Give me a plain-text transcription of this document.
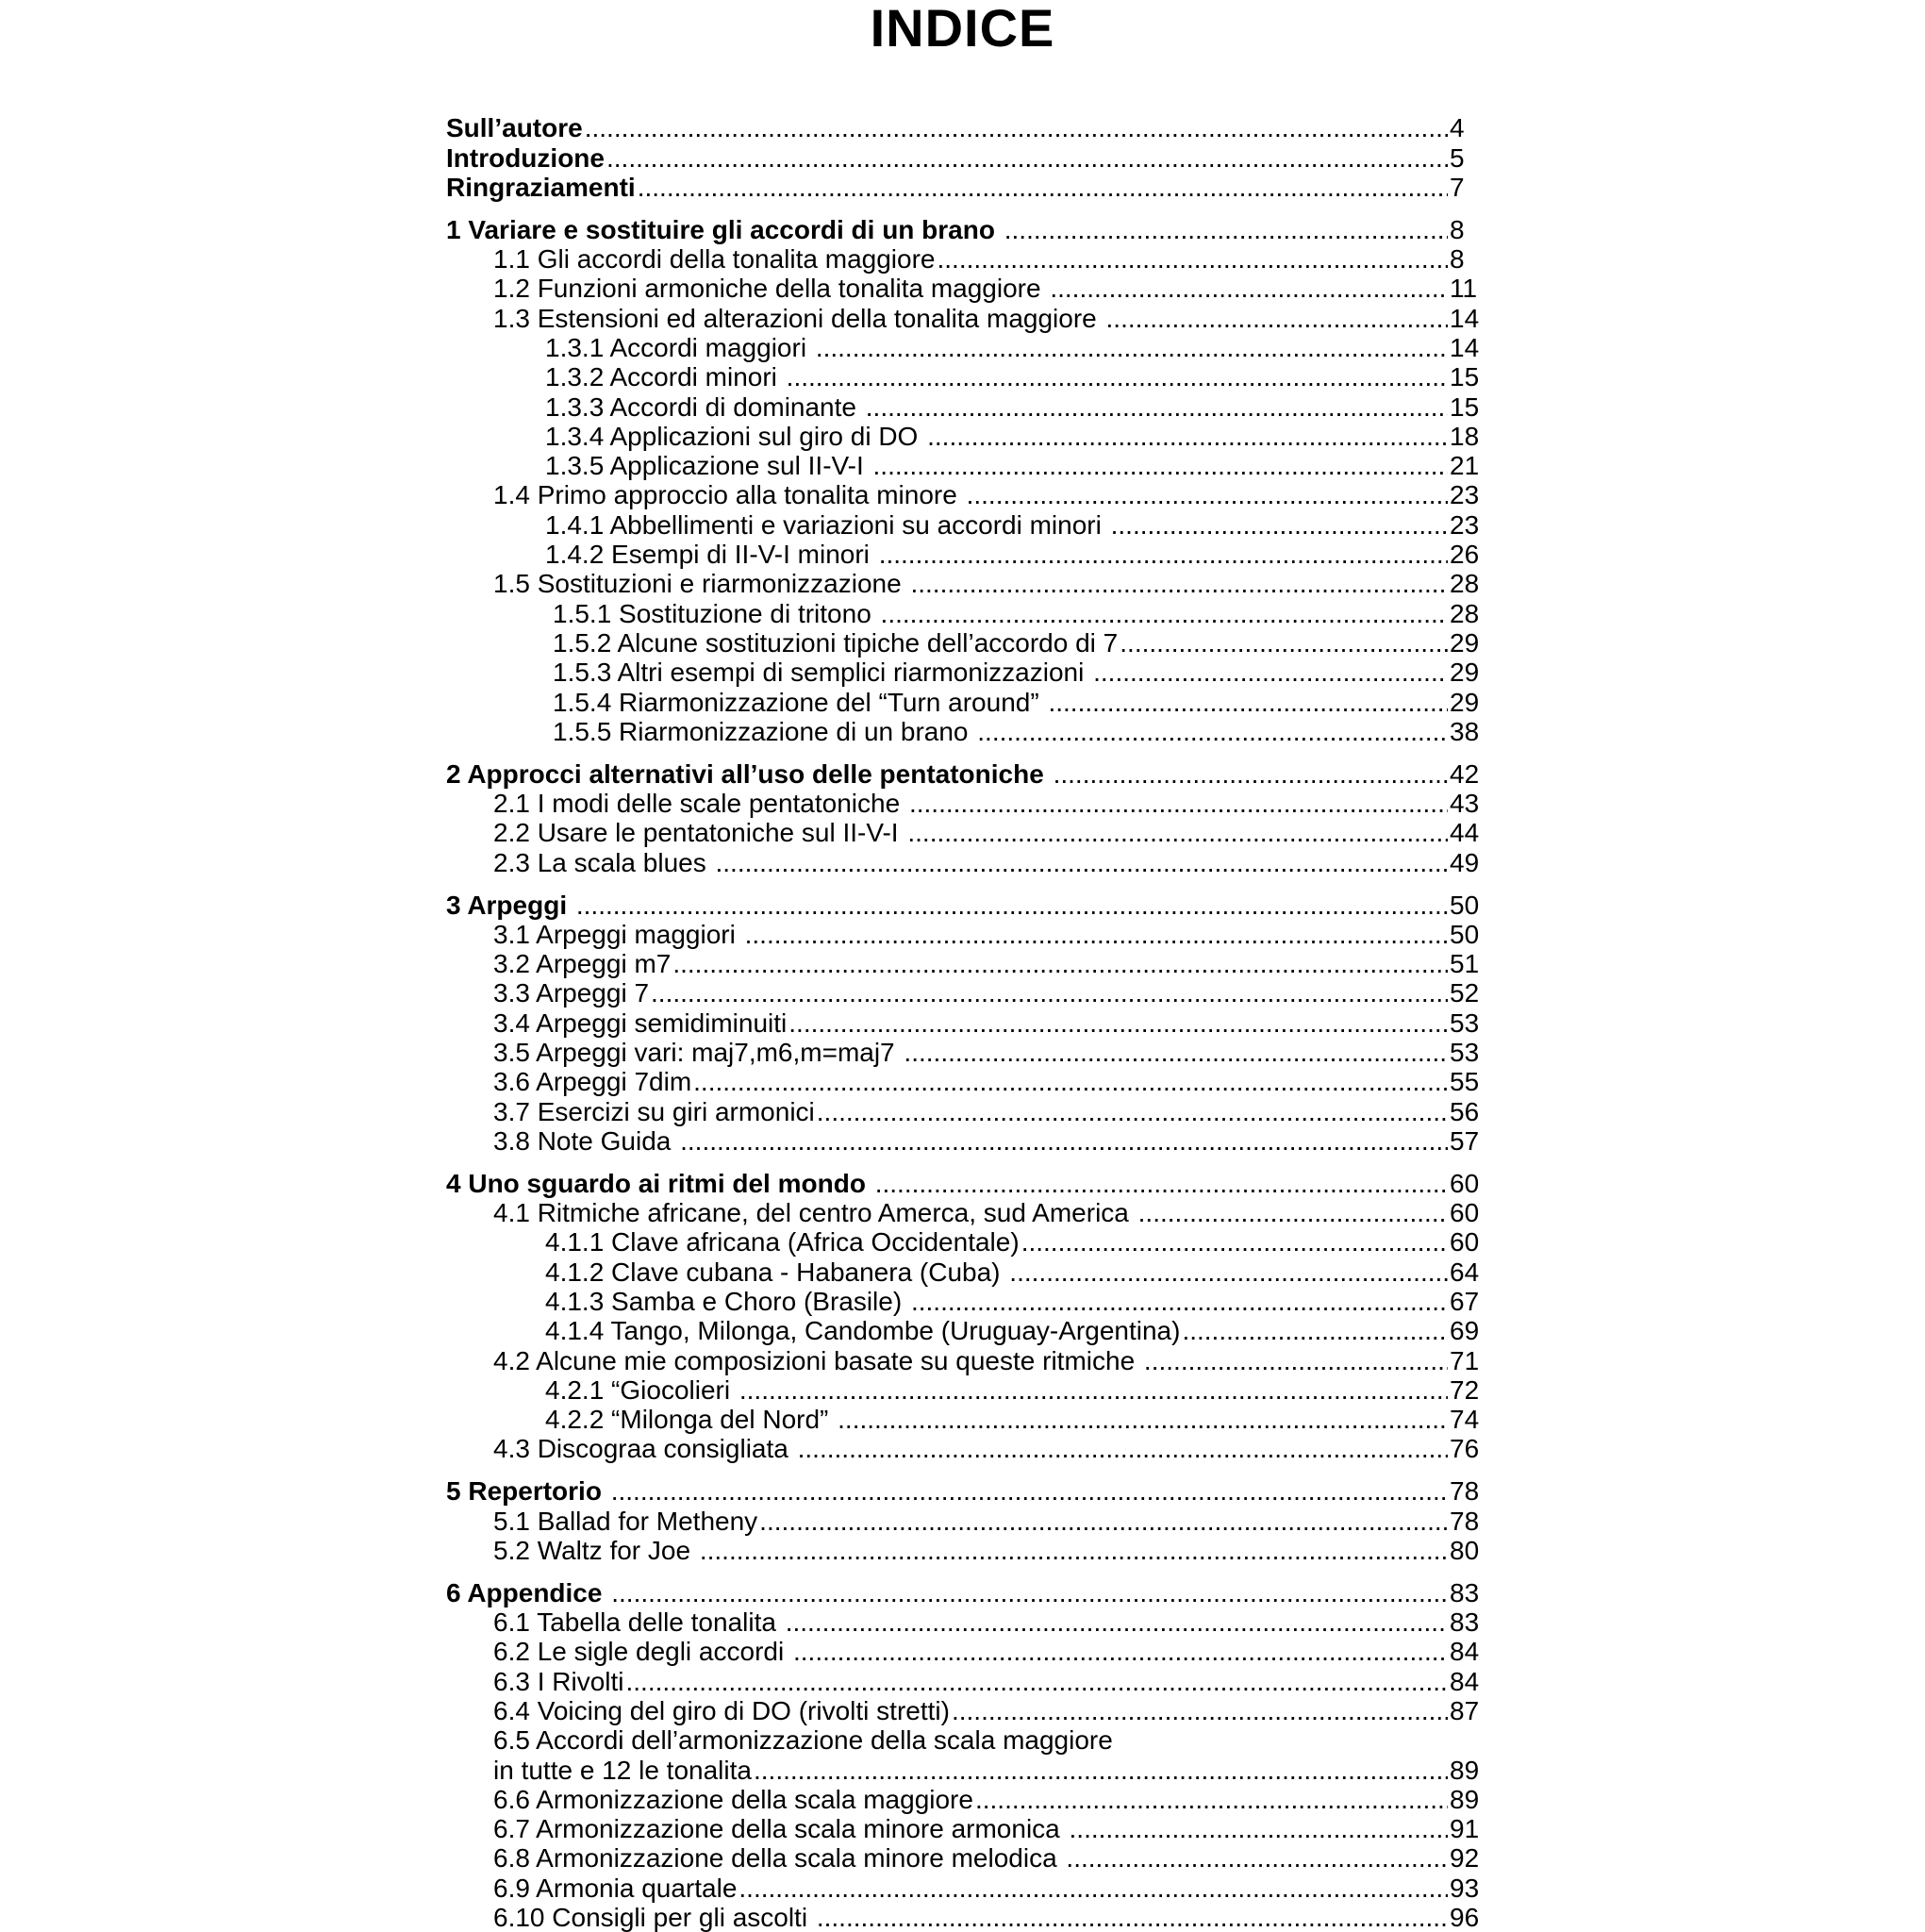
INDICE
Sull’autore .....	4
Introduzione .....	5
Ringraziamenti .....	7
1 Variare e sostituire gli accordi di un brano .....	8
1.1 Gli accordi della tonalita maggiore .....	8
1.2 Funzioni armoniche della tonalita maggiore .....	11
1.3 Estensioni ed alterazioni della tonalita maggiore .....	14
1.3.1 Accordi maggiori .....	14
1.3.2 Accordi minori .....	15
1.3.3 Accordi di dominante .....	15
1.3.4 Applicazioni sul giro di DO .....	18
1.3.5 Applicazione sul II-V-I .....	21
1.4 Primo approccio alla tonalita minore .....	23
1.4.1 Abbellimenti e variazioni su accordi minori .....	23
1.4.2 Esempi di II-V-I minori .....	26
1.5 Sostituzioni e riarmonizzazione .....	28
1.5.1 Sostituzione di tritono .....	28
1.5.2 Alcune sostituzioni tipiche dell’accordo di 7 .....	29
1.5.3 Altri esempi di semplici riarmonizzazioni .....	29
1.5.4 Riarmonizzazione del “Turn around” .....	29
1.5.5 Riarmonizzazione di un brano .....	38
2 Approcci alternativi all’uso delle pentatoniche .....	42
2.1 I modi delle scale pentatoniche .....	43
2.2 Usare le pentatoniche sul II-V-I .....	44
2.3 La scala blues .....	49
3 Arpeggi .....	50
3.1 Arpeggi maggiori .....	50
3.2 Arpeggi m7 .....	51
3.3 Arpeggi 7 .....	52
3.4 Arpeggi semidiminuiti .....	53
3.5 Arpeggi vari: maj7,m6,m=maj7 .....	53
3.6 Arpeggi 7dim .....	55
3.7 Esercizi su giri armonici .....	56
3.8 Note Guida .....	57
4 Uno sguardo ai ritmi del mondo .....	60
4.1 Ritmiche africane, del centro Amerca, sud America .....	60
4.1.1 Clave africana (Africa Occidentale) .....	60
4.1.2 Clave cubana - Habanera (Cuba) .....	64
4.1.3 Samba e Choro (Brasile) .....	67
4.1.4 Tango, Milonga, Candombe (Uruguay-Argentina) .....	69
4.2 Alcune mie composizioni basate su queste ritmiche .....	71
4.2.1 “Giocolieri .....	72
4.2.2 “Milonga del Nord” .....	74
4.3 Discograa consigliata .....	76
5 Repertorio .....	78
5.1 Ballad for Metheny .....	78
5.2 Waltz for Joe .....	80
6 Appendice .....	83
6.1 Tabella delle tonalita .....	83
6.2 Le sigle degli accordi .....	84
6.3 I Rivolti .....	84
6.4 Voicing del giro di DO (rivolti stretti) .....	87
6.5 Accordi dell’armonizzazione della scala maggiore
in tutte e 12 le tonalita .....	89
6.6 Armonizzazione della scala maggiore .....	89
6.7 Armonizzazione della scala minore armonica .....	91
6.8 Armonizzazione della scala minore melodica .....	92
6.9 Armonia quartale .....	93
6.10 Consigli per gli ascolti .....	96
